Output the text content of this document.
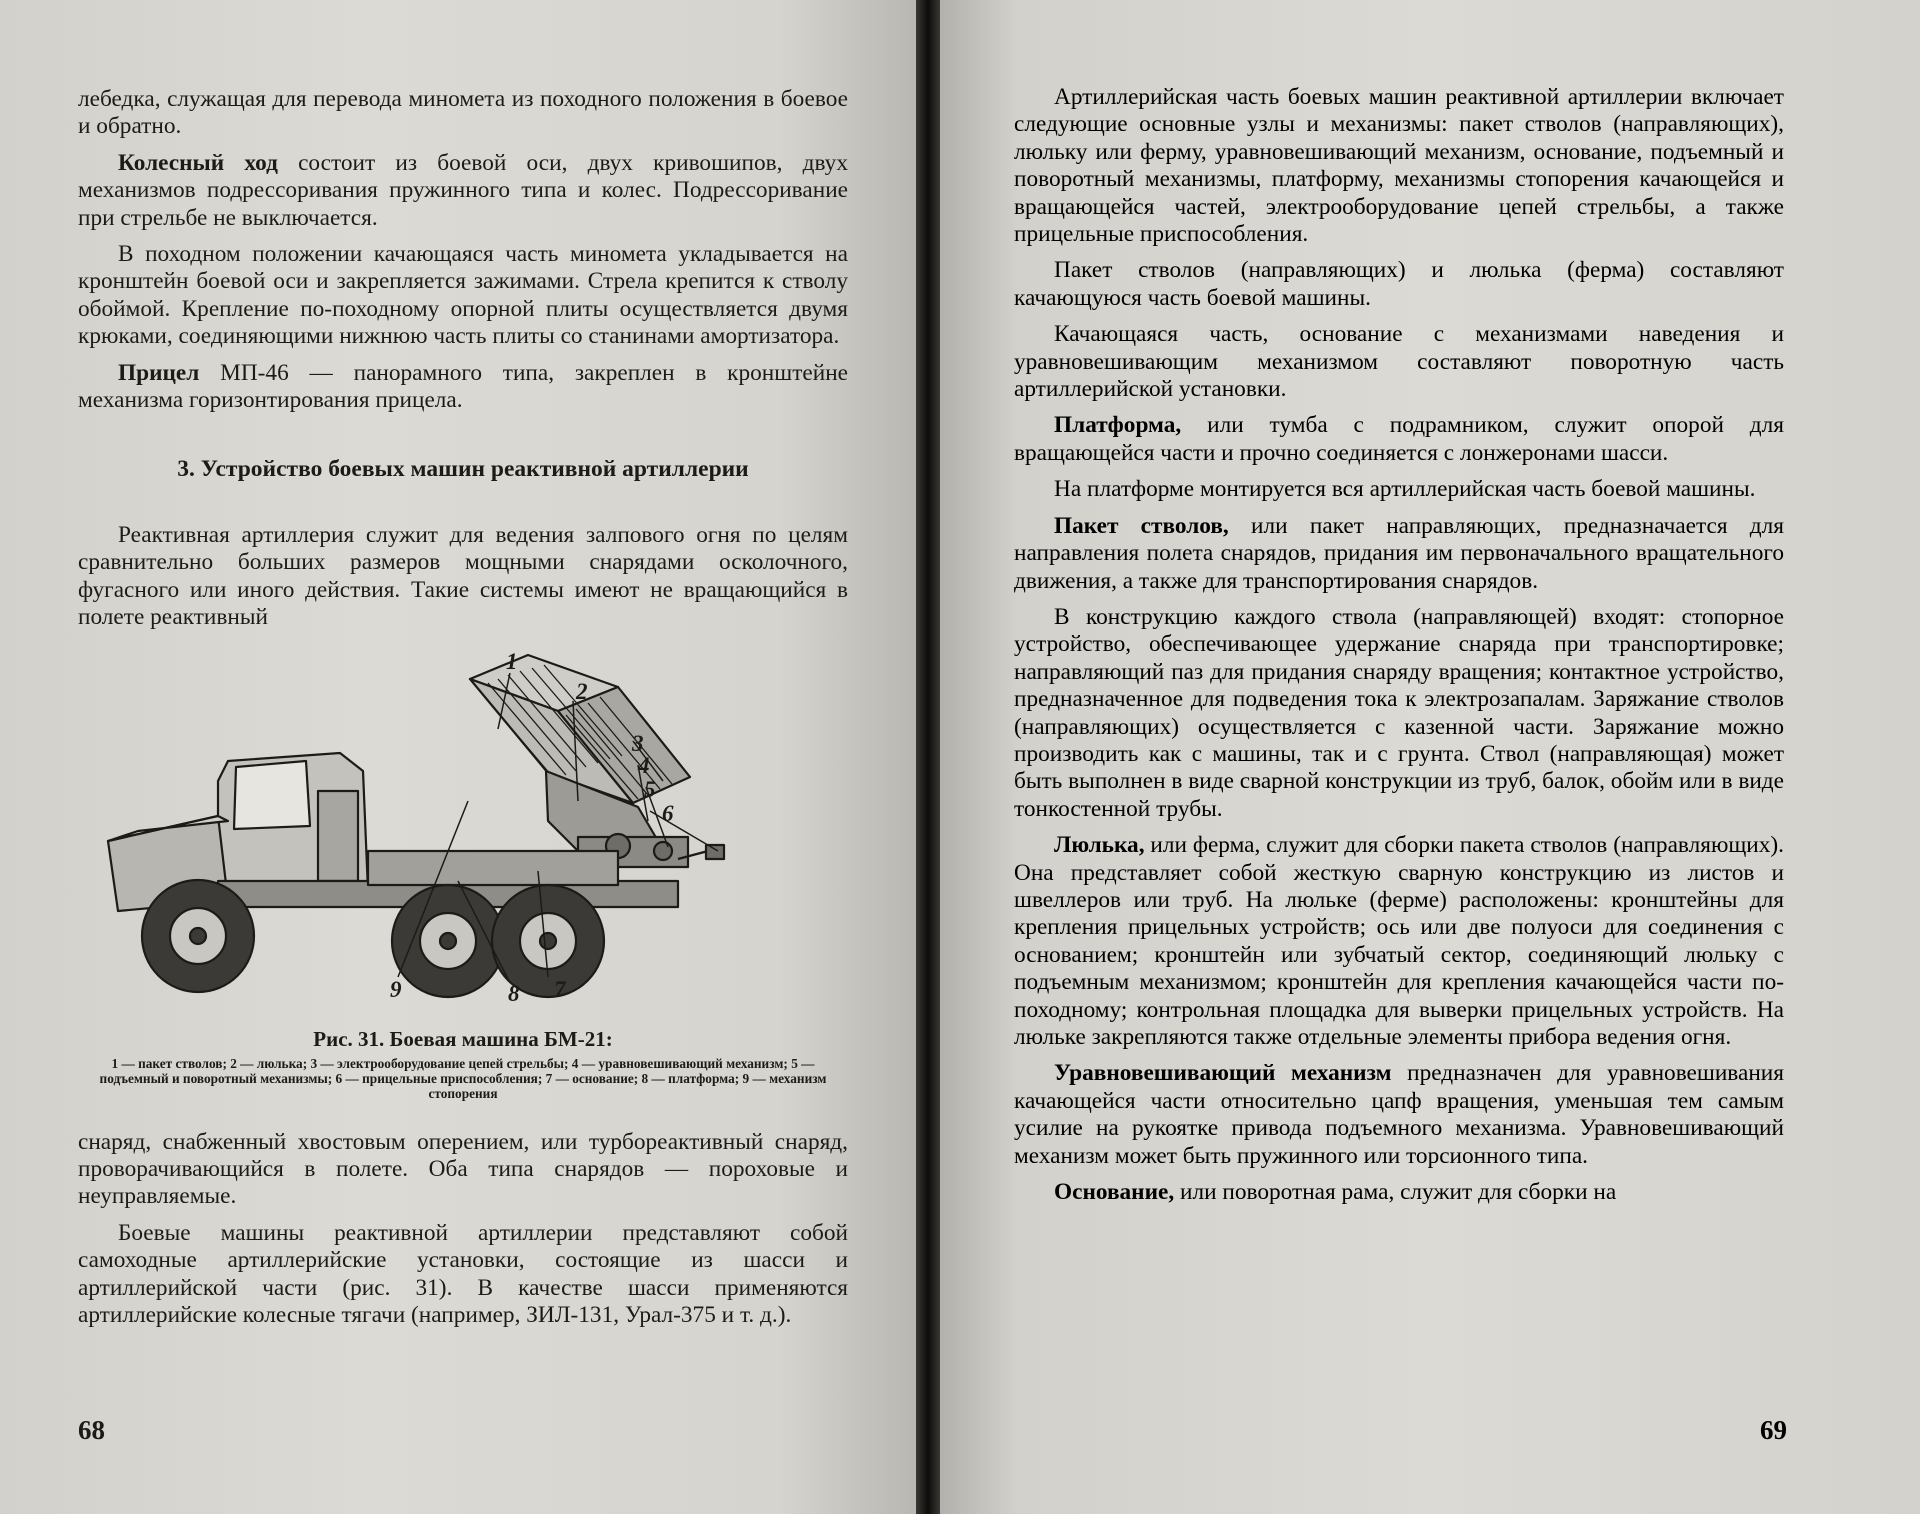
лебедка, служащая для перевода миномета из походного положения в боевое и обратно.

Колесный ход состоит из боевой оси, двух кривошипов, двух механизмов подрессоривания пружинного типа и колес. Подрессоривание при стрельбе не выключается.

В походном положении качающаяся часть миномета укладывается на кронштейн боевой оси и закрепляется зажимами. Стрела крепится к стволу обоймой. Крепление по-походному опорной плиты осуществляется двумя крюками, соединяющими нижнюю часть плиты со станинами амортизатора.

Прицел МП-46 — панорамного типа, закреплен в кронштейне механизма горизонтирования прицела.

3. Устройство боевых машин реактивной артиллерии

Реактивная артиллерия служит для ведения залпового огня по целям сравнительно больших размеров мощными снарядами осколочного, фугасного или иного действия. Такие системы имеют не вращающийся в полете реактивный

1
2
3
4
5
6
7
8
9
Рис. 31. Боевая машина БМ-21:
1 — пакет стволов; 2 — люлька; 3 — электрооборудование цепей стрельбы; 4 — уравновешивающий механизм; 5 — подъемный и поворотный механизмы; 6 — прицельные приспособления; 7 — основание; 8 — платформа; 9 — механизм стопорения

снаряд, снабженный хвостовым оперением, или турбореактивный снаряд, проворачивающийся в полете. Оба типа снарядов — пороховые и неуправляемые.

Боевые машины реактивной артиллерии представляют собой самоходные артиллерийские установки, состоящие из шасси и артиллерийской части (рис. 31). В качестве шасси применяются артиллерийские колесные тягачи (например, ЗИЛ-131, Урал-375 и т. д.).

68

Артиллерийская часть боевых машин реактивной артиллерии включает следующие основные узлы и механизмы: пакет стволов (направляющих), люльку или ферму, уравновешивающий механизм, основание, подъемный и поворотный механизмы, платформу, механизмы стопорения качающейся и вращающейся частей, электрооборудование цепей стрельбы, а также прицельные приспособления.

Пакет стволов (направляющих) и люлька (ферма) составляют качающуюся часть боевой машины.

Качающаяся часть, основание с механизмами наведения и уравновешивающим механизмом составляют поворотную часть артиллерийской установки.

Платформа, или тумба с подрамником, служит опорой для вращающейся части и прочно соединяется с лонжеронами шасси.

На платформе монтируется вся артиллерийская часть боевой машины.

Пакет стволов, или пакет направляющих, предназначается для направления полета снарядов, придания им первоначального вращательного движения, а также для транспортирования снарядов.

В конструкцию каждого ствола (направляющей) входят: стопорное устройство, обеспечивающее удержание снаряда при транспортировке; направляющий паз для придания снаряду вращения; контактное устройство, предназначенное для подведения тока к электрозапалам. Заряжание стволов (направляющих) осуществляется с казенной части. Заряжание можно производить как с машины, так и с грунта. Ствол (направляющая) может быть выполнен в виде сварной конструкции из труб, балок, обойм или в виде тонкостенной трубы.

Люлька, или ферма, служит для сборки пакета стволов (направляющих). Она представляет собой жесткую сварную конструкцию из листов и швеллеров или труб. На люльке (ферме) расположены: кронштейны для крепления прицельных устройств; ось или две полуоси для соединения с основанием; кронштейн или зубчатый сектор, соединяющий люльку с подъемным механизмом; кронштейн для крепления качающейся части по-походному; контрольная площадка для выверки прицельных устройств. На люльке закрепляются также отдельные элементы прибора ведения огня.

Уравновешивающий механизм предназначен для уравновешивания качающейся части относительно цапф вращения, уменьшая тем самым усилие на рукоятке привода подъемного механизма. Уравновешивающий механизм может быть пружинного или торсионного типа.

Основание, или поворотная рама, служит для сборки на

69
